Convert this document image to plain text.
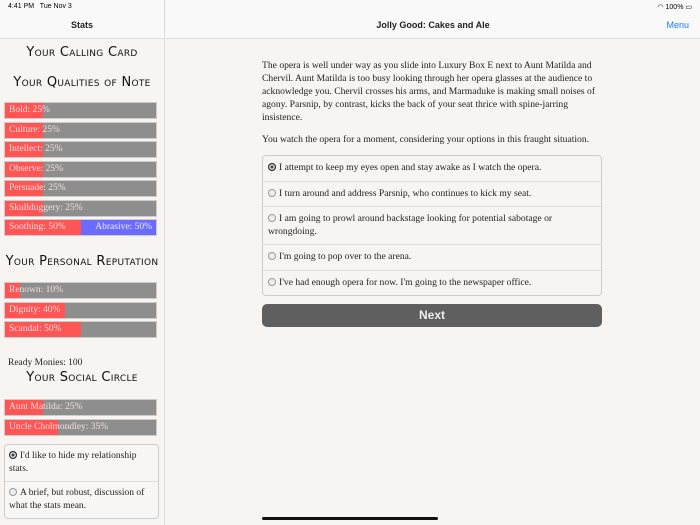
Stats
Your Calling Card
Your Qualities of Note
Bold: 25%
Culture: 25%
Intellect: 25%
Observe: 25%
Persuade: 25%
Skullduggery: 25%
Soothing: 50%	Abrasive: 50%
Your Personal Reputation
Renown: 10%
Dignity: 40%
Scandal: 50%
Ready Monies: 100
Your Social Circle
Aunt Matilda: 25%
Uncle Cholmondley: 35%
I'd like to hide my relationship stats.
A brief, but robust, discussion of what the stats mean.
Jolly Good: Cakes and Ale	Menu
4:41 PM Tue Nov 3	◠ 100% ▭

The opera is well under way as you slide into Luxury Box E next to Aunt Matilda and Chervil. Aunt Matilda is too busy looking through her opera glasses at the audience to acknowledge you. Chervil crosses his arms, and Marmaduke is making small noises of agony. Parsnip, by contrast, kicks the back of your seat thrice with spine-jarring insistence.

You watch the opera for a moment, considering your options in this fraught situation.

I attempt to keep my eyes open and stay awake as I watch the opera.
I turn around and address Parsnip, who continues to kick my seat.
I am going to prowl around backstage looking for potential sabotage or wrongdoing.
I'm going to pop over to the arena.
I've had enough opera for now. I'm going to the newspaper office.
Next
